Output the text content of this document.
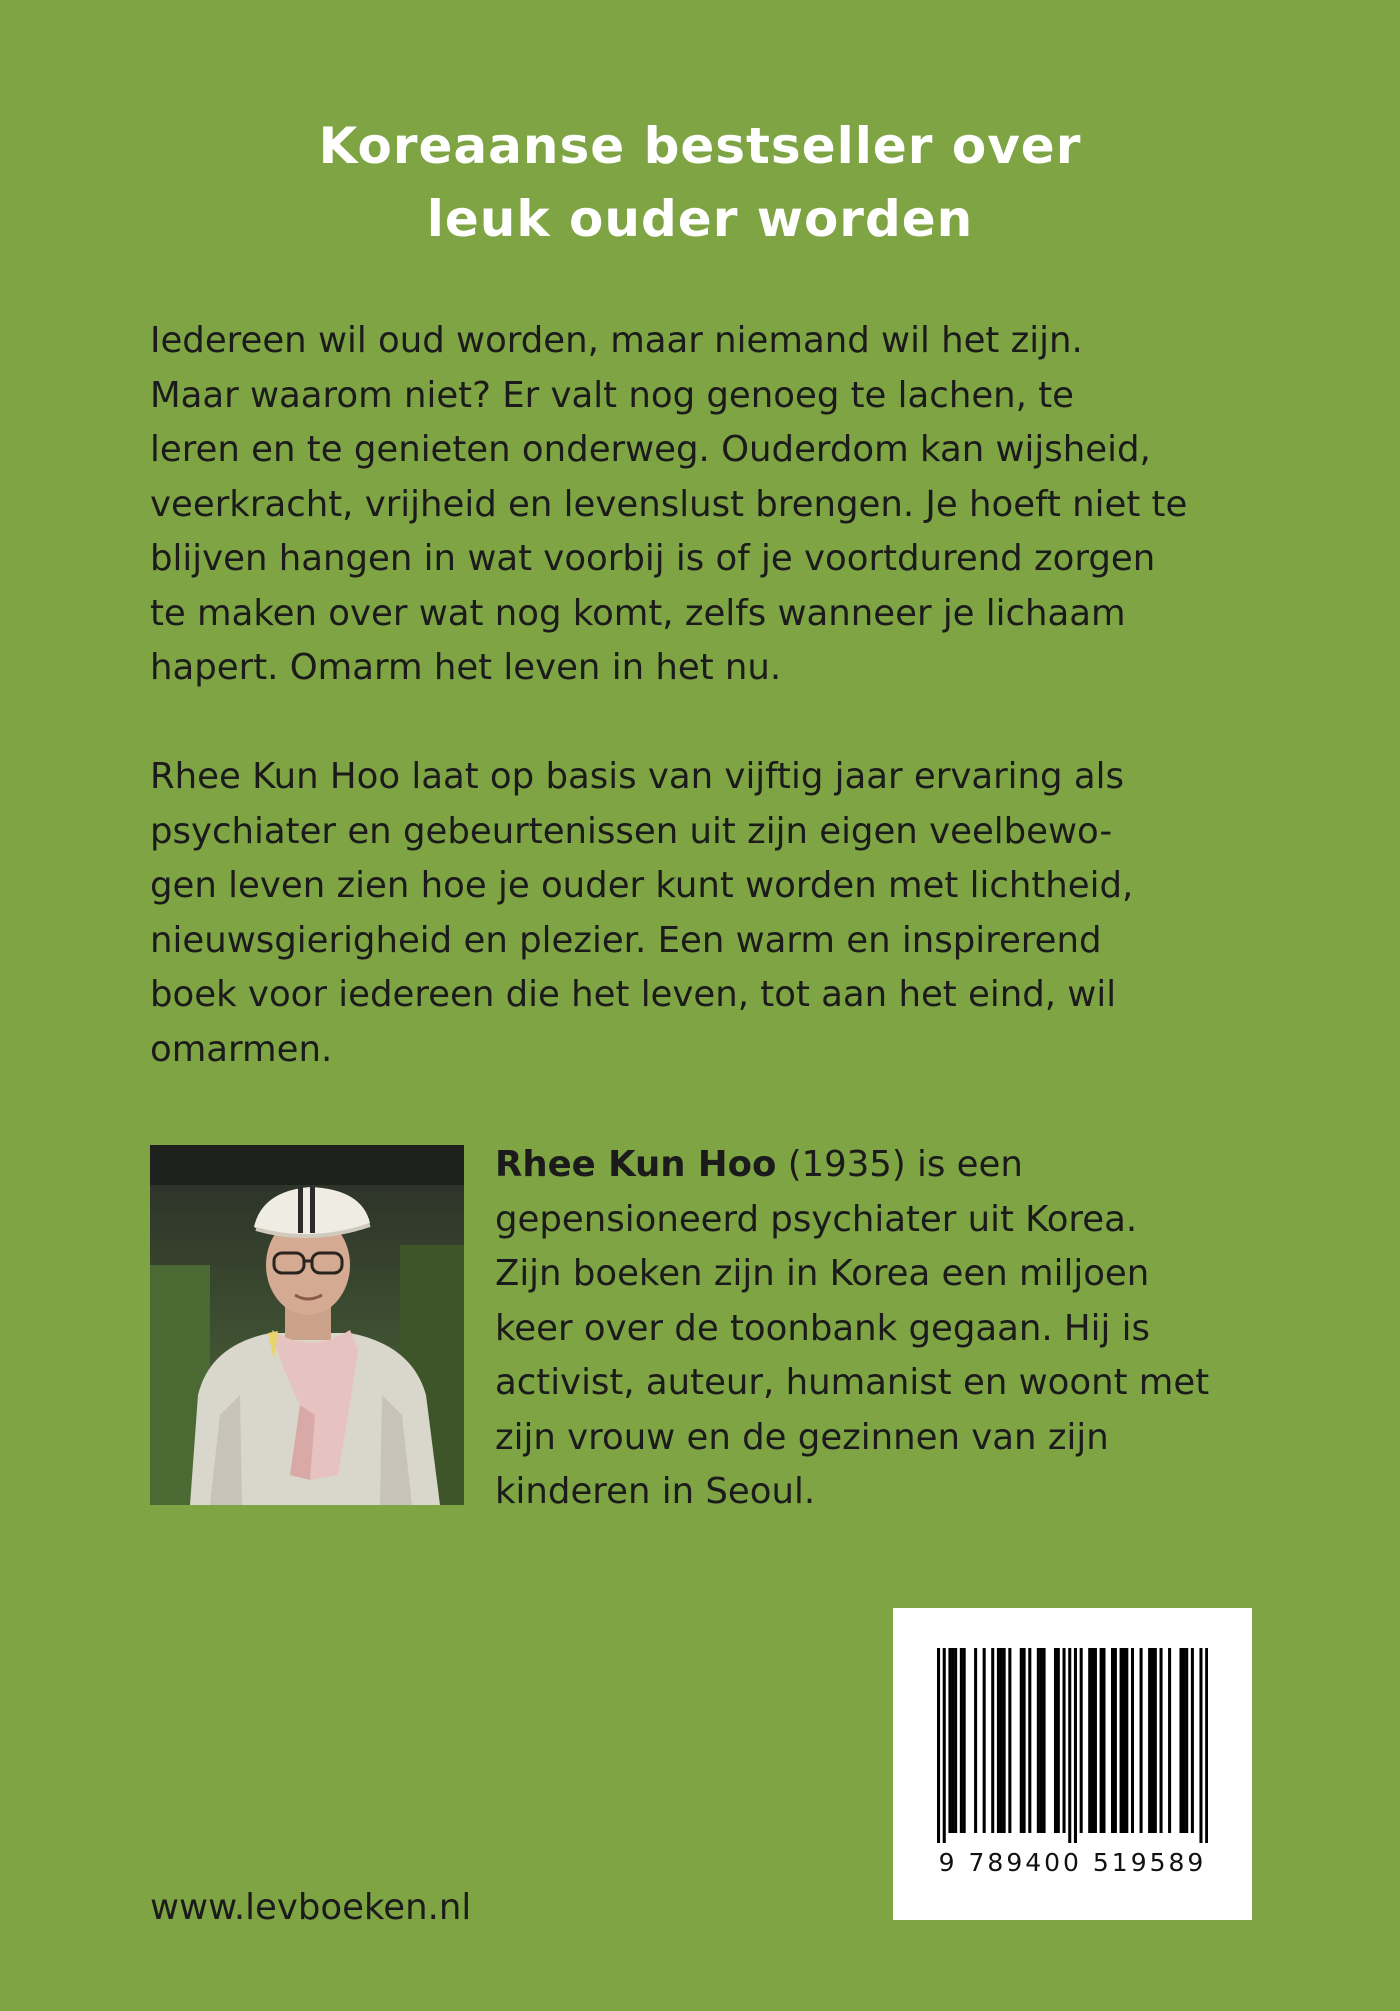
Koreaanse bestseller over
leuk ouder worden
Iedereen wil oud worden, maar niemand wil het zijn.
Maar waarom niet? Er valt nog genoeg te lachen, te
leren en te genieten onderweg. Ouderdom kan wijsheid,
veerkracht, vrijheid en levenslust brengen. Je hoeft niet te
blijven hangen in wat voorbij is of je voortdurend zorgen
te maken over wat nog komt, zelfs wanneer je lichaam
hapert. Omarm het leven in het nu.
Rhee Kun Hoo laat op basis van vijftig jaar ervaring als
psychiater en gebeurtenissen uit zijn eigen veelbewo-
gen leven zien hoe je ouder kunt worden met lichtheid,
nieuwsgierigheid en plezier. Een warm en inspirerend
boek voor iedereen die het leven, tot aan het eind, wil
omarmen.
Rhee Kun Hoo (1935) is een
gepensioneerd psychiater uit Korea.
Zijn boeken zijn in Korea een miljoen
keer over de toonbank gegaan. Hij is
activist, auteur, humanist en woont met
zijn vrouw en de gezinnen van zijn
kinderen in Seoul.
www.levboeken.nl
9 789400 519589
